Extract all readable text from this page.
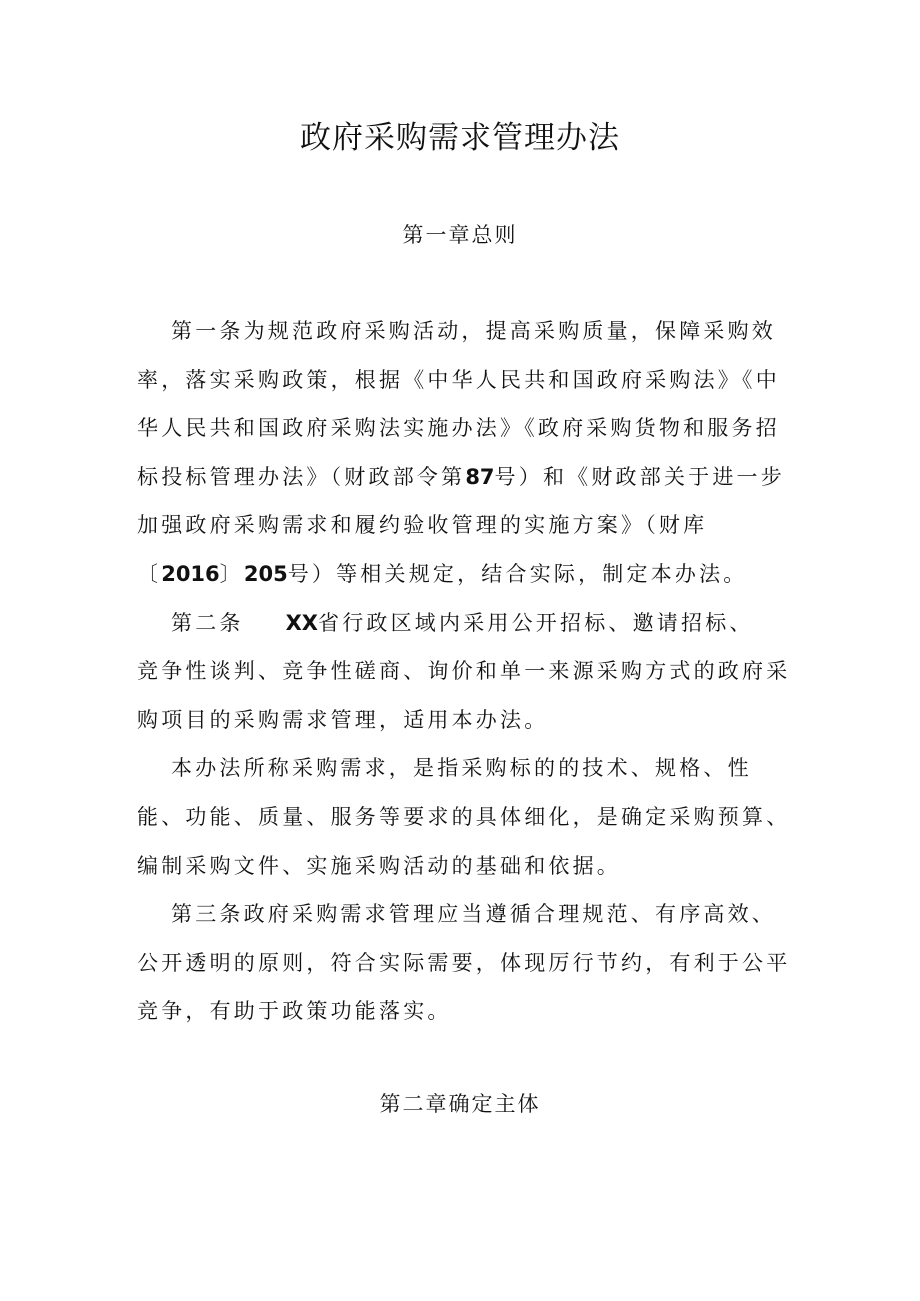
政府采购需求管理办法
第一章总则

第一条为规范政府采购活动，提高采购质量，保障采购效率，落实采购政策，根据《中华人民共和国政府采购法》《中华人民共和国政府采购法实施办法》《政府采购货物和服务招标投标管理办法》（财政部令第87号）和《财政部关于进一步加强政府采购需求和履约验收管理的实施方案》（财库〔2016〕205号）等相关规定，结合实际，制定本办法。

第二条 XX省行政区域内采用公开招标、邀请招标、
竞争性谈判、竞争性磋商、询价和单一来源采购方式的政府采购项目的采购需求管理，适用本办法。

本办法所称采购需求，是指采购标的的技术、规格、性能、功能、质量、服务等要求的具体细化，是确定采购预算、编制采购文件、实施采购活动的基础和依据。

第三条政府采购需求管理应当遵循合理规范、有序高效、公开透明的原则，符合实际需要，体现厉行节约，有利于公平竞争，有助于政策功能落实。

第二章确定主体
